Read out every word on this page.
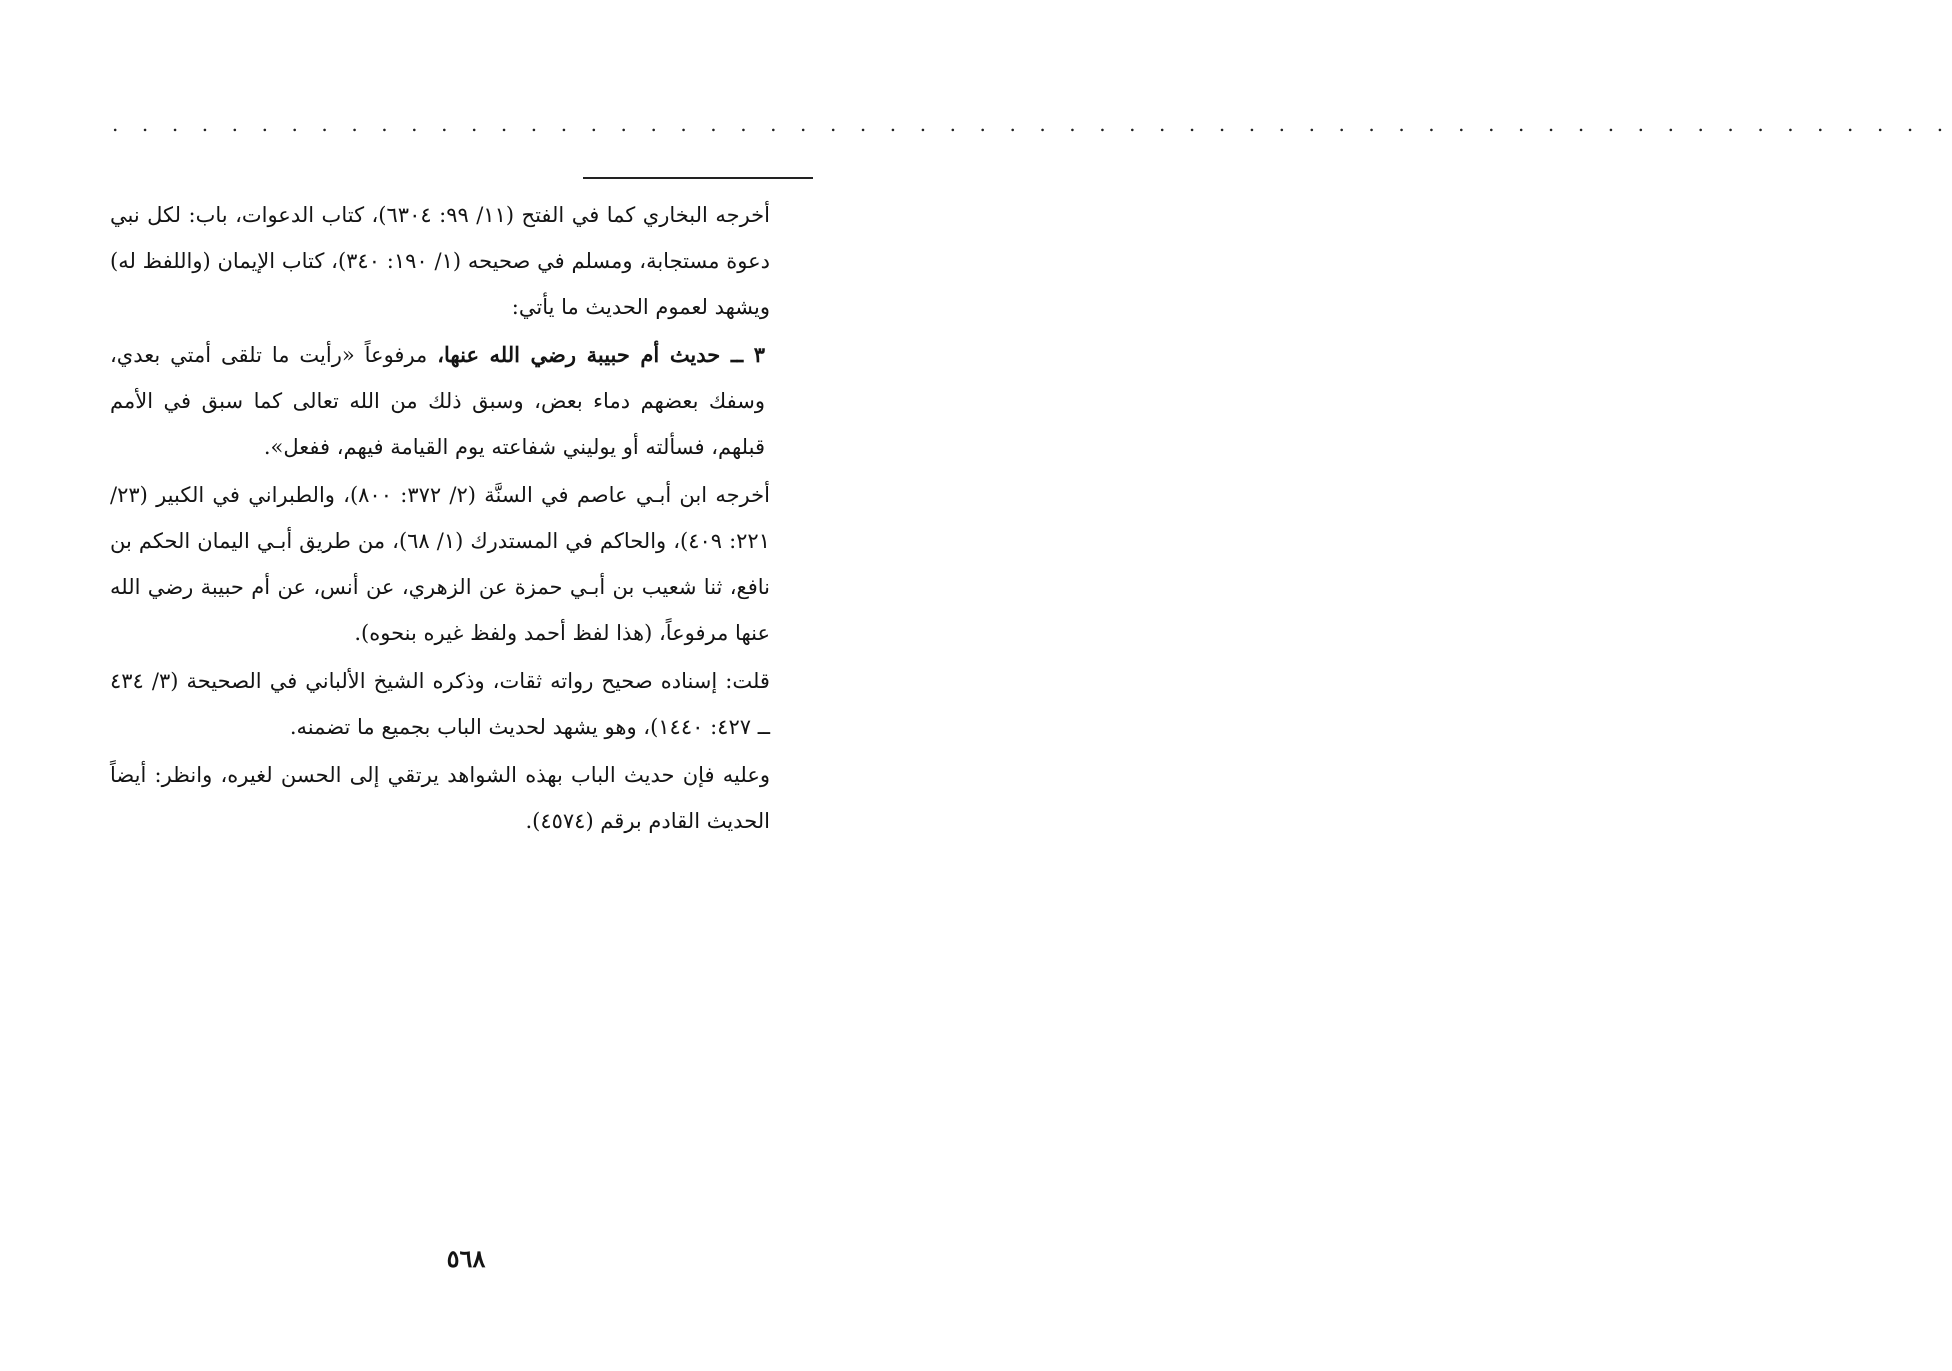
. . . . . . . . . . . . . . . . . . . . . . . . . . . . . . . . . . . . . . . . . . . . . . . . . . . . . . . . . . . . . .

أخرجه البخاري كما في الفتح (١١/ ٩٩: ٦٣٠٤)، كتاب الدعوات، باب: لكل نبي دعوة مستجابة، ومسلم في صحيحه (١/ ١٩٠: ٣٤٠)، كتاب الإيمان (واللفظ له) ويشهد لعموم الحديث ما يأتي:

٣ ــ حديث أم حبيبة رضي الله عنها، مرفوعاً «رأيت ما تلقى أمتي بعدي، وسفك بعضهم دماء بعض، وسبق ذلك من الله تعالى كما سبق في الأمم قبلهم، فسألته أو يوليني شفاعته يوم القيامة فيهم، ففعل».

أخرجه ابن أبـي عاصم في السنَّة (٢/ ٣٧٢: ٨٠٠)، والطبراني في الكبير (٢٣/ ٢٢١: ٤٠٩)، والحاكم في المستدرك (١/ ٦٨)، من طريق أبـي اليمان الحكم بن نافع، ثنا شعيب بن أبـي حمزة عن الزهري، عن أنس، عن أم حبيبة رضي الله عنها مرفوعاً، (هذا لفظ أحمد ولفظ غيره بنحوه).

قلت: إسناده صحيح رواته ثقات، وذكره الشيخ الألباني في الصحيحة (٣/ ٤٣٤ ــ ٤٢٧: ١٤٤٠)، وهو يشهد لحديث الباب بجميع ما تضمنه.

وعليه فإن حديث الباب بهذه الشواهد يرتقي إلى الحسن لغيره، وانظر: أيضاً الحديث القادم برقم (٤٥٧٤).

٥٦٨
